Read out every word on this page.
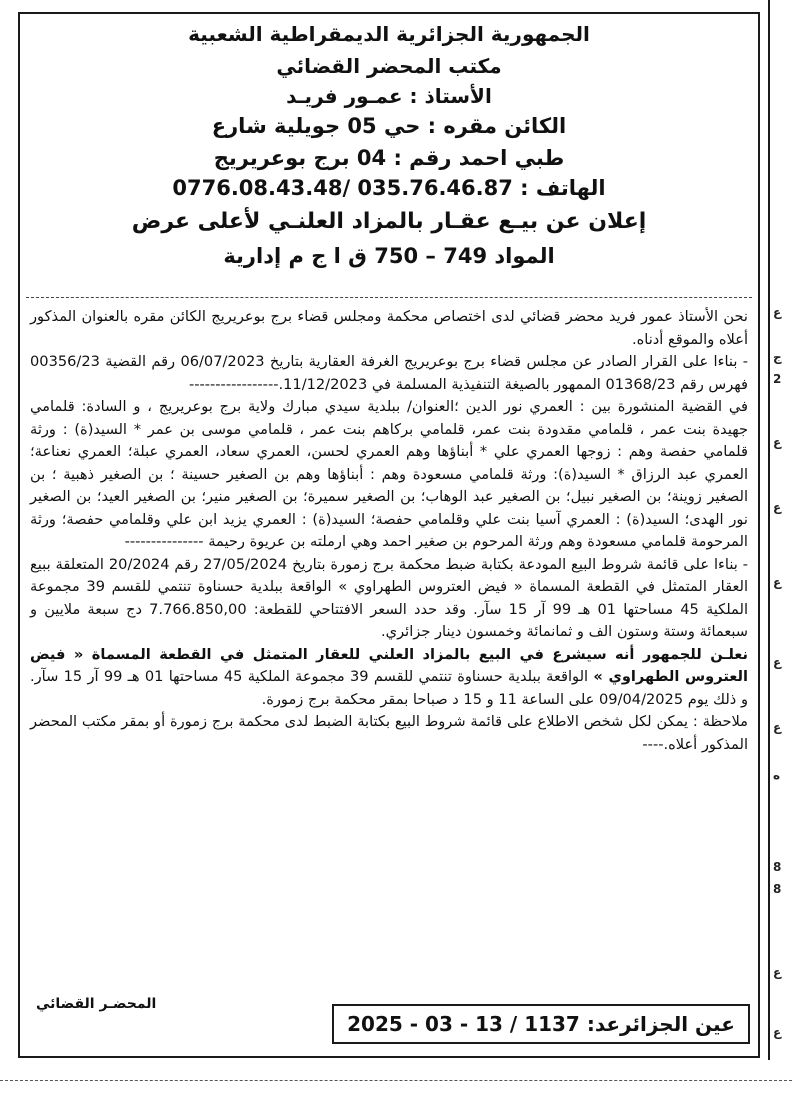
الجمهورية الجزائرية الديمقراطية الشعبية
مكتب المحضر القضائي
الأستاذ : عمـور فريـد
الكائن مقره : حي 05 جويلية شارع
طبي احمد رقم : 04 برج بوعريريج
الهاتف : 035.76.46.87 /0776.08.43.48
إعلان عن بيـع عقـار بالمزاد العلنـي لأعلى عرض
المواد 749 – 750 ق ا ج م إدارية

نحن الأستاذ عمور فريد محضر قضائي لدى اختصاص محكمة ومجلس قضاء برج بوعريريج الكائن مقره بالعنوان المذكور أعلاه والموقع أدناه.

- بناءا على القرار الصادر عن مجلس قضاء برج بوعريريج الغرفة العقارية بتاريخ 06/07/2023 رقم القضية 00356/23 فهرس رقم 01368/23 الممهور بالصيغة التنفيذية المسلمة في 11/12/2023.-----------------

في القضية المنشورة بين : العمري نور الدين ؛العنوان/ ببلدية سيدي مبارك ولاية برج بوعريريج ، و السادة: قلمامي جهيدة بنت عمر ، قلمامي مقدودة بنت عمر، قلمامي بركاهم بنت عمر ، قلمامي موسى بن عمر * السيد(ة) : ورثة قلمامي حفصة وهم : زوجها العمري علي * أبناؤها وهم العمري لحسن، العمري سعاد، العمري عبلة؛ العمري نعناعة؛ العمري عبد الرزاق * السيد(ة): ورثة قلمامي مسعودة وهم : أبناؤها وهم بن الصغير حسينة ؛ بن الصغير ذهبية ؛ بن الصغير زوينة؛ بن الصغير نبيل؛ بن الصغير عبد الوهاب؛ بن الصغير سميرة؛ بن الصغير منير؛ بن الصغير العيد؛ بن الصغير نور الهدى؛ السيد(ة) : العمري آسيا بنت علي وقلمامي حفصة؛ السيد(ة) : العمري يزيد ابن علي وقلمامي حفصة؛ ورثة المرحومة قلمامي مسعودة وهم ورثة المرحوم بن صغير احمد وهي ارملته بن عريوة رحيمة ---------------

- بناءا على قائمة شروط البيع المودعة بكتابة ضبط محكمة برج زمورة بتاريخ 27/05/2024 رقم 20/2024 المتعلقة ببيع العقار المتمثل في القطعة المسماة « فيض العتروس الطهراوي » الواقعة ببلدية حسناوة تنتمي للقسم 39 مجموعة الملكية 45 مساحتها 01 هـ 99 آر 15 سآر. وقد حدد السعر الافتتاحي للقطعة: 7.766.850,00 دج سبعة ملايين و سبعمائة وستة وستون الف و ثمانمائة وخمسون دينار جزائري.

نعلـن للجمهور أنه سيشرع في البيع بالمزاد العلني للعقار المتمثل في القطعة المسماة « فيض العتروس الطهراوي » الواقعة ببلدية حسناوة تنتمي للقسم 39 مجموعة الملكية 45 مساحتها 01 هـ 99 آر 15 سآر. و ذلك يوم 09/04/2025 على الساعة 11 و 15 د صباحا بمقر محكمة برج زمورة.

ملاحظة : يمكن لكل شخص الاطلاع على قائمة شروط البيع بكتابة الضبط لدى محكمة برج زمورة أو بمقر مكتب المحضر المذكور أعلاه.----

عين الجزائرعد: 1137 / 13 - 03 - 2025
المحضـر القضائي
ع
ج
2
ع
ع
ع
ع
ع
ه
8
8
ع
ع
